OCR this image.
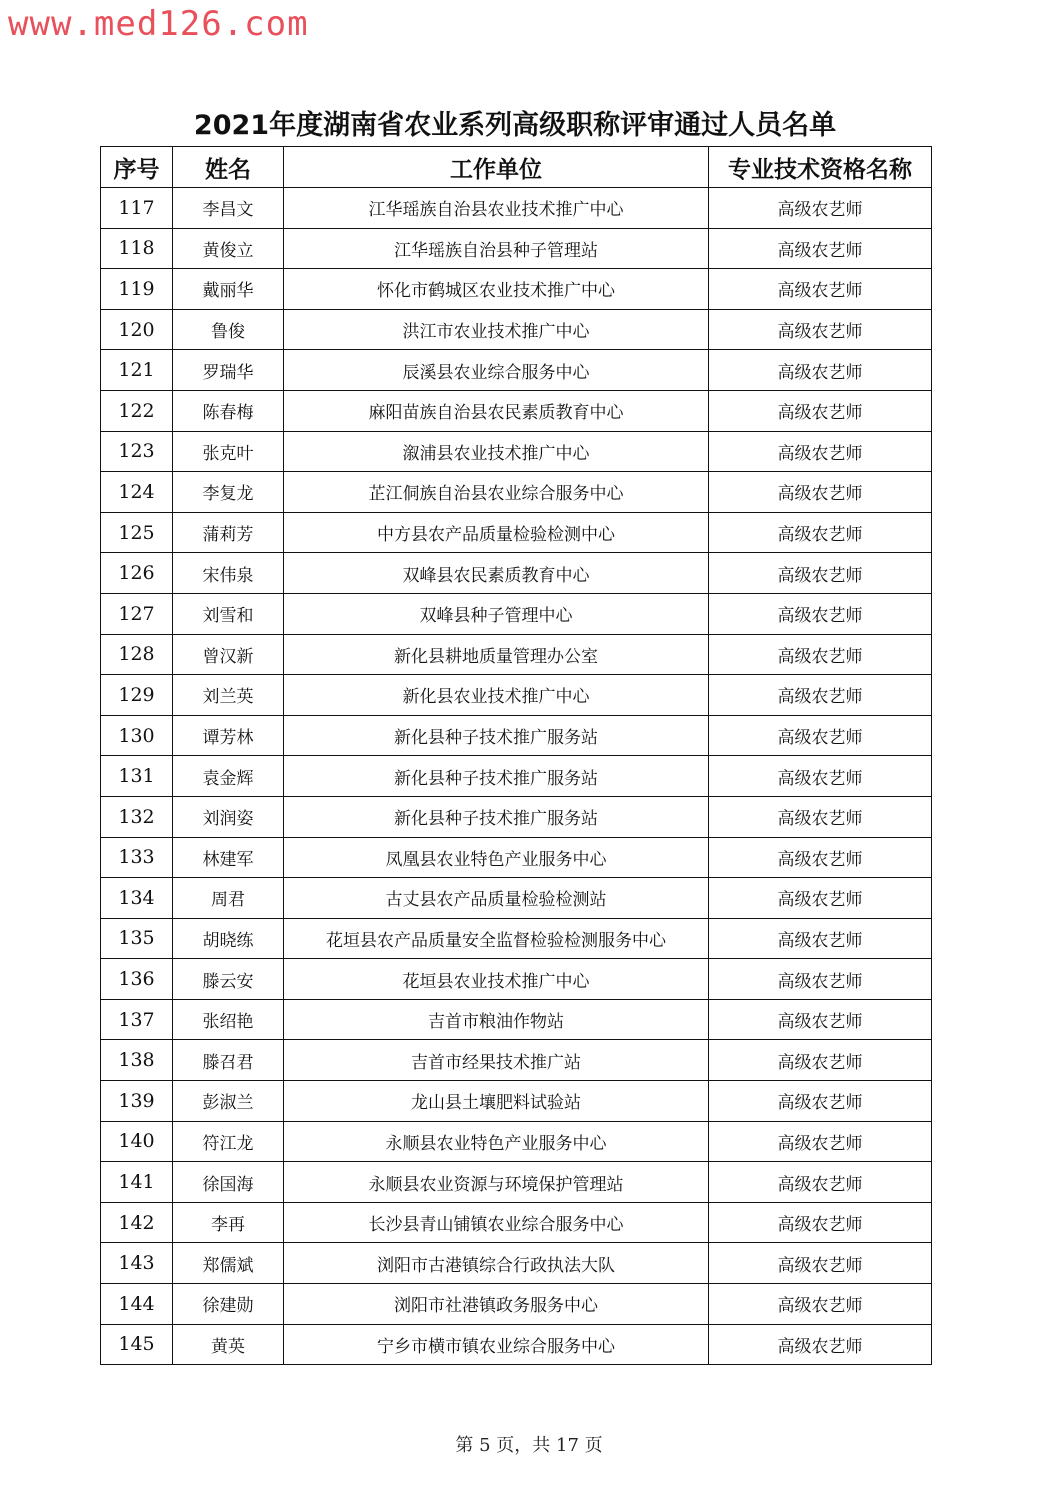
www.med126.com
2021年度湖南省农业系列高级职称评审通过人员名单
序号	姓名	工作单位	专业技术资格名称
117	李昌文	江华瑶族自治县农业技术推广中心	高级农艺师
118	黄俊立	江华瑶族自治县种子管理站	高级农艺师
119	戴丽华	怀化市鹤城区农业技术推广中心	高级农艺师
120	鲁俊	洪江市农业技术推广中心	高级农艺师
121	罗瑞华	辰溪县农业综合服务中心	高级农艺师
122	陈春梅	麻阳苗族自治县农民素质教育中心	高级农艺师
123	张克叶	溆浦县农业技术推广中心	高级农艺师
124	李复龙	芷江侗族自治县农业综合服务中心	高级农艺师
125	蒲莉芳	中方县农产品质量检验检测中心	高级农艺师
126	宋伟泉	双峰县农民素质教育中心	高级农艺师
127	刘雪和	双峰县种子管理中心	高级农艺师
128	曾汉新	新化县耕地质量管理办公室	高级农艺师
129	刘兰英	新化县农业技术推广中心	高级农艺师
130	谭芳林	新化县种子技术推广服务站	高级农艺师
131	袁金辉	新化县种子技术推广服务站	高级农艺师
132	刘润姿	新化县种子技术推广服务站	高级农艺师
133	林建军	凤凰县农业特色产业服务中心	高级农艺师
134	周君	古丈县农产品质量检验检测站	高级农艺师
135	胡晓练	花垣县农产品质量安全监督检验检测服务中心	高级农艺师
136	滕云安	花垣县农业技术推广中心	高级农艺师
137	张绍艳	吉首市粮油作物站	高级农艺师
138	滕召君	吉首市经果技术推广站	高级农艺师
139	彭淑兰	龙山县土壤肥料试验站	高级农艺师
140	符江龙	永顺县农业特色产业服务中心	高级农艺师
141	徐国海	永顺县农业资源与环境保护管理站	高级农艺师
142	李再	长沙县青山铺镇农业综合服务中心	高级农艺师
143	郑儒斌	浏阳市古港镇综合行政执法大队	高级农艺师
144	徐建勋	浏阳市社港镇政务服务中心	高级农艺师
145	黄英	宁乡市横市镇农业综合服务中心	高级农艺师
第 5 页，共 17 页
